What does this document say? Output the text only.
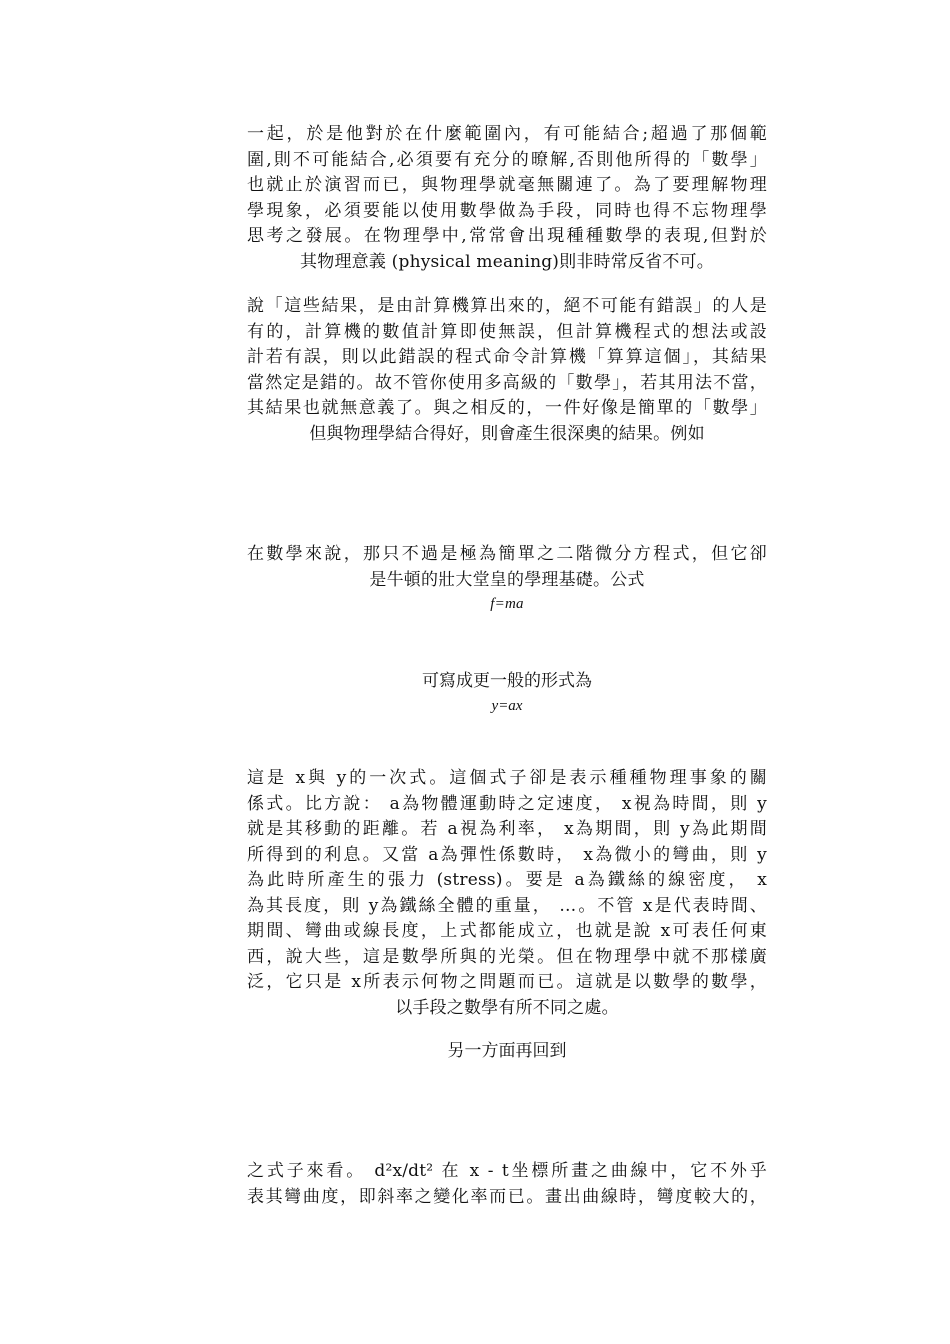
一起，於是他對於在什麼範圍內，有可能結合;超過了那個範
圍,則不可能結合,必須要有充分的暸解,否則他所得的「數學」
也就止於演習而已，與物理學就毫無關連了。為了要理解物理
學現象，必須要能以使用數學做為手段，同時也得不忘物理學
思考之發展。在物理學中,常常會出現種種數學的表現,但對於
其物理意義 (physical meaning)則非時常反省不可。
說「這些結果，是由計算機算出來的，絕不可能有錯誤」的人是
有的，計算機的數值計算即使無誤，但計算機程式的想法或設
計若有誤，則以此錯誤的程式命令計算機「算算這個」，其結果
當然定是錯的。故不管你使用多高級的「數學」，若其用法不當，
其結果也就無意義了。與之相反的，一件好像是簡單的「數學」
但與物理學結合得好，則會產生很深奧的結果。例如
在數學來說，那只不過是極為簡單之二階微分方程式，但它卻
是牛頓的壯大堂皇的學理基礎。公式
f=ma
可寫成更一般的形式為
y=ax
這是 x與 y的一次式。這個式子卻是表示種種物理事象的關
係式。比方說： a為物體運動時之定速度， x視為時間，則 y
就是其移動的距離。若 a視為利率， x為期間，則 y為此期間
所得到的利息。又當 a為彈性係數時， x為微小的彎曲，則 y
為此時所產生的張力 (stress)。要是 a為鐵絲的線密度， x
為其長度，則 y為鐵絲全體的重量， …。不管 x是代表時間、
期間、彎曲或線長度，上式都能成立，也就是說 x可表任何東
西，說大些，這是數學所與的光榮。但在物理學中就不那樣廣
泛，它只是 x所表示何物之問題而已。這就是以數學的數學，
以手段之數學有所不同之處。
另一方面再回到
之式子來看。 d²x/dt² 在 x - t坐標所畫之曲線中，它不外乎
表其彎曲度，即斜率之變化率而已。畫出曲線時，彎度較大的，
